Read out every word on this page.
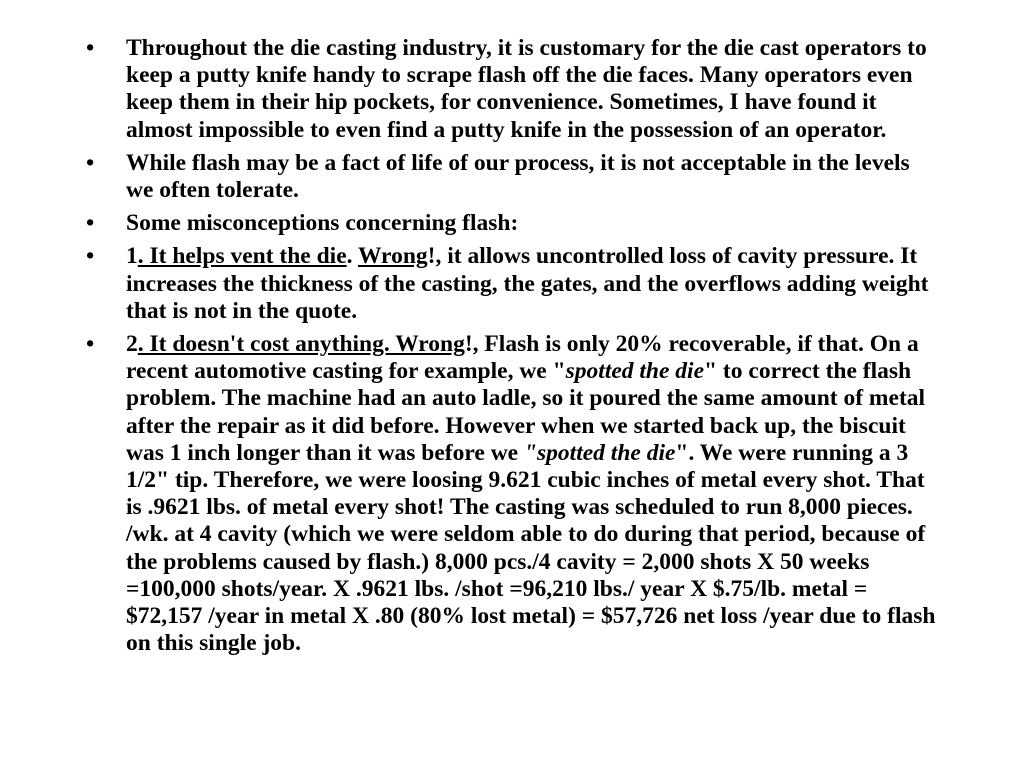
•	Throughout the die casting industry, it is customary for the die cast operators to keep a putty knife handy to scrape flash off the die faces. Many operators even keep them in their hip pockets, for convenience. Sometimes, I have found it almost impossible to even find a putty knife in the possession of an operator.
•	While flash may be a fact of life of our process, it is not acceptable in the levels we often tolerate.
•	Some misconceptions concerning flash:
•	1. It helps vent the die. Wrong!, it allows uncontrolled loss of cavity pressure. It increases the thickness of the casting, the gates, and the overflows adding weight that is not in the quote.
•	2. It doesn't cost anything. Wrong!, Flash is only 20% recoverable, if that. On a recent automotive casting for example, we "spotted the die" to correct the flash problem. The machine had an auto ladle, so it poured the same amount of metal after the repair as it did before. However when we started back up, the biscuit was 1 inch longer than it was before we "spotted the die". We were running a 3 1/2" tip. Therefore, we were loosing 9.621 cubic inches of metal every shot. That is .9621 lbs. of metal every shot! The casting was scheduled to run 8,000 pieces. /wk. at 4 cavity (which we were seldom able to do during that period, because of the problems caused by flash.) 8,000 pcs./4 cavity = 2,000 shots X 50 weeks =100,000 shots/year. X .9621 lbs. /shot =96,210 lbs./ year X $.75/lb. metal = $72,157 /year in metal X .80 (80% lost metal) = $57,726 net loss /year due to flash on this single job.
